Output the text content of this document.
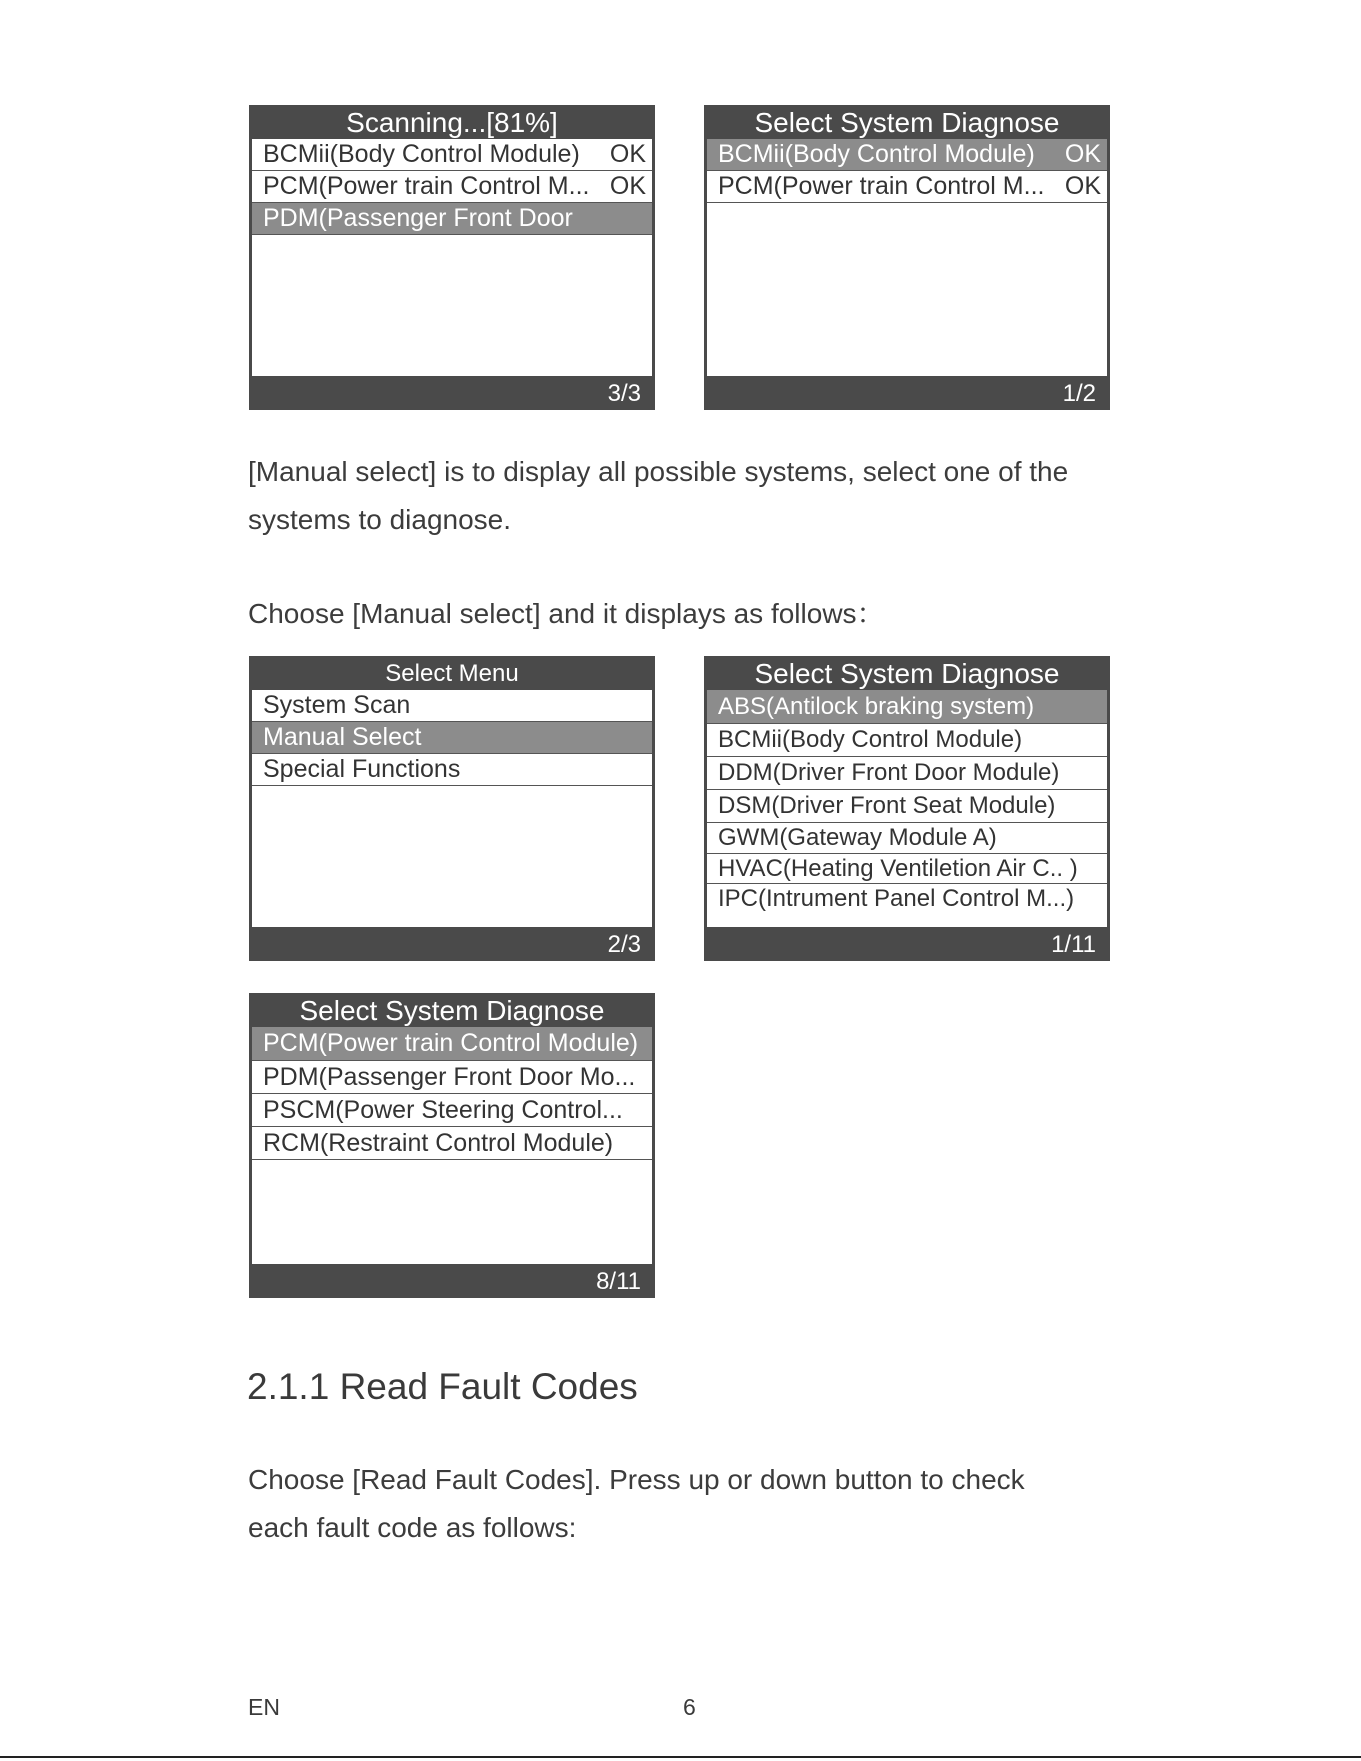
Scanning...[81%]
BCMii(Body Control Module)	OK
PCM(Power train Control M... OK
PDM(Passenger Front Door
3/3
Select System Diagnose
BCMii(Body Control Module)	OK
PCM(Power train Control M... OK
1/2
[Manual select] is to display all possible systems, select one of the
systems to diagnose.
Choose [Manual select] and it displays as follows：
Select Menu
System Scan
Manual Select
Special Functions
2/3
Select System Diagnose
ABS(Antilock braking system)
BCMii(Body Control Module)
DDM(Driver Front Door Module)
DSM(Driver Front Seat Module)
GWM(Gateway Module A)
HVAC(Heating Ventiletion Air C.. )
IPC(Intrument Panel Control M...)
1/11
Select System Diagnose
PCM(Power train Control Module)
PDM(Passenger Front Door Mo...
PSCM(Power Steering Control...
RCM(Restraint Control Module)
8/11
2.1.1 Read Fault Codes
Choose [Read Fault Codes]. Press up or down button to check
each fault code as follows:
EN	6
